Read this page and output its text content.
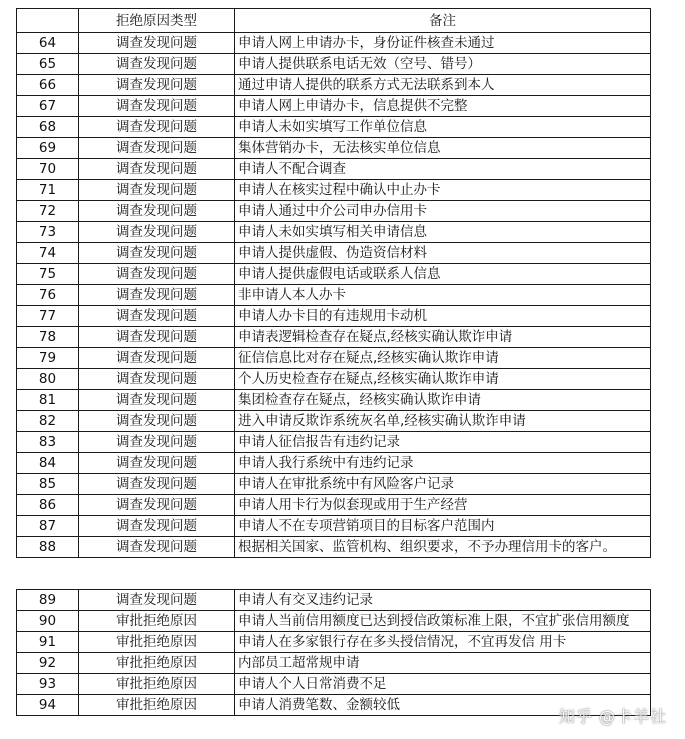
	拒绝原因类型	备注
64	调查发现问题	申请人网上申请办卡，身份证件核查未通过
65	调查发现问题	申请人提供联系电话无效（空号、错号）
66	调查发现问题	通过申请人提供的联系方式无法联系到本人
67	调查发现问题	申请人网上申请办卡，信息提供不完整
68	调查发现问题	申请人未如实填写工作单位信息
69	调查发现问题	集体营销办卡，无法核实单位信息
70	调查发现问题	申请人不配合调查
71	调查发现问题	申请人在核实过程中确认中止办卡
72	调查发现问题	申请人通过中介公司申办信用卡
73	调查发现问题	申请人未如实填写相关申请信息
74	调查发现问题	申请人提供虚假、伪造资信材料
75	调查发现问题	申请人提供虚假电话或联系人信息
76	调查发现问题	非申请人本人办卡
77	调查发现问题	申请人办卡目的有违规用卡动机
78	调查发现问题	申请表逻辑检查存在疑点,经核实确认欺诈申请
79	调查发现问题	征信信息比对存在疑点,经核实确认欺诈申请
80	调查发现问题	个人历史检查存在疑点,经核实确认欺诈申请
81	调查发现问题	集团检查存在疑点，经核实确认欺诈申请
82	调查发现问题	进入申请反欺诈系统灰名单,经核实确认欺诈申请
83	调查发现问题	申请人征信报告有违约记录
84	调查发现问题	申请人我行系统中有违约记录
85	调查发现问题	申请人在审批系统中有风险客户记录
86	调查发现问题	申请人用卡行为似套现或用于生产经营
87	调查发现问题	申请人不在专项营销项目的目标客户范围内
88	调查发现问题	根据相关国家、监管机构、组织要求，不予办理信用卡的客户。
89	调查发现问题	申请人有交叉违约记录
90	审批拒绝原因	申请人当前信用额度已达到授信政策标准上限，不宜扩张信用额度
91	审批拒绝原因	申请人在多家银行存在多头授信情况，不宜再发信 用卡
92	审批拒绝原因	内部员工超常规申请
93	审批拒绝原因	申请人个人日常消费不足
94	审批拒绝原因	申请人消费笔数、金额较低
知乎 @卡羊社
